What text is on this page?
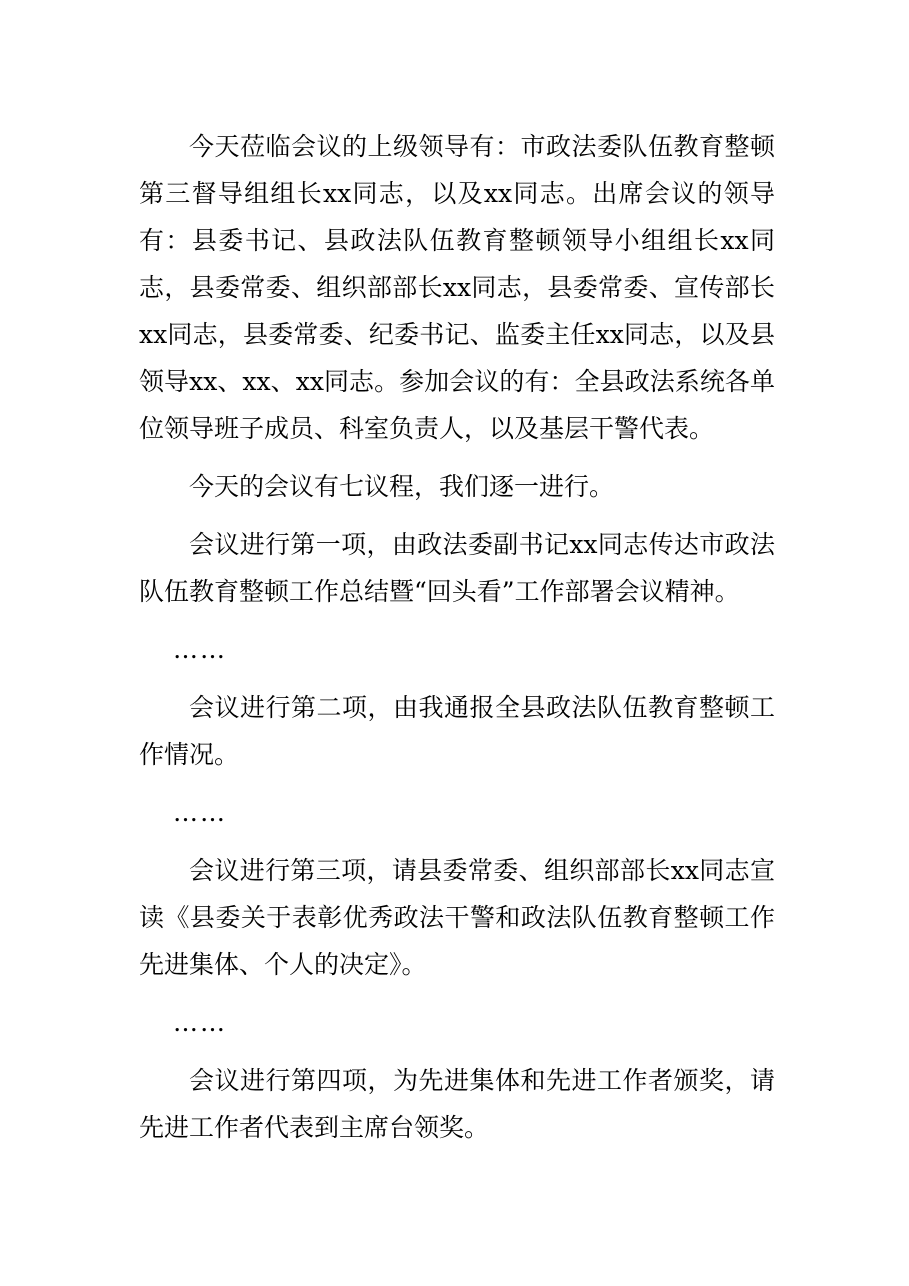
今天莅临会议的上级领导有：市政法委队伍教育整顿第三督导组组长xx同志，以及xx同志。出席会议的领导有：县委书记、县政法队伍教育整顿领导小组组长xx同志，县委常委、组织部部长xx同志，县委常委、宣传部长xx同志，县委常委、纪委书记、监委主任xx同志，以及县领导xx、xx、xx同志。参加会议的有：全县政法系统各单位领导班子成员、科室负责人，以及基层干警代表。

今天的会议有七议程，我们逐一进行。

会议进行第一项，由政法委副书记xx同志传达市政法队伍教育整顿工作总结暨“回头看”工作部署会议精神。

……

会议进行第二项，由我通报全县政法队伍教育整顿工作情况。

……

会议进行第三项，请县委常委、组织部部长xx同志宣读《县委关于表彰优秀政法干警和政法队伍教育整顿工作先进集体、个人的决定》。

……

会议进行第四项，为先进集体和先进工作者颁奖，请先进工作者代表到主席台领奖。
